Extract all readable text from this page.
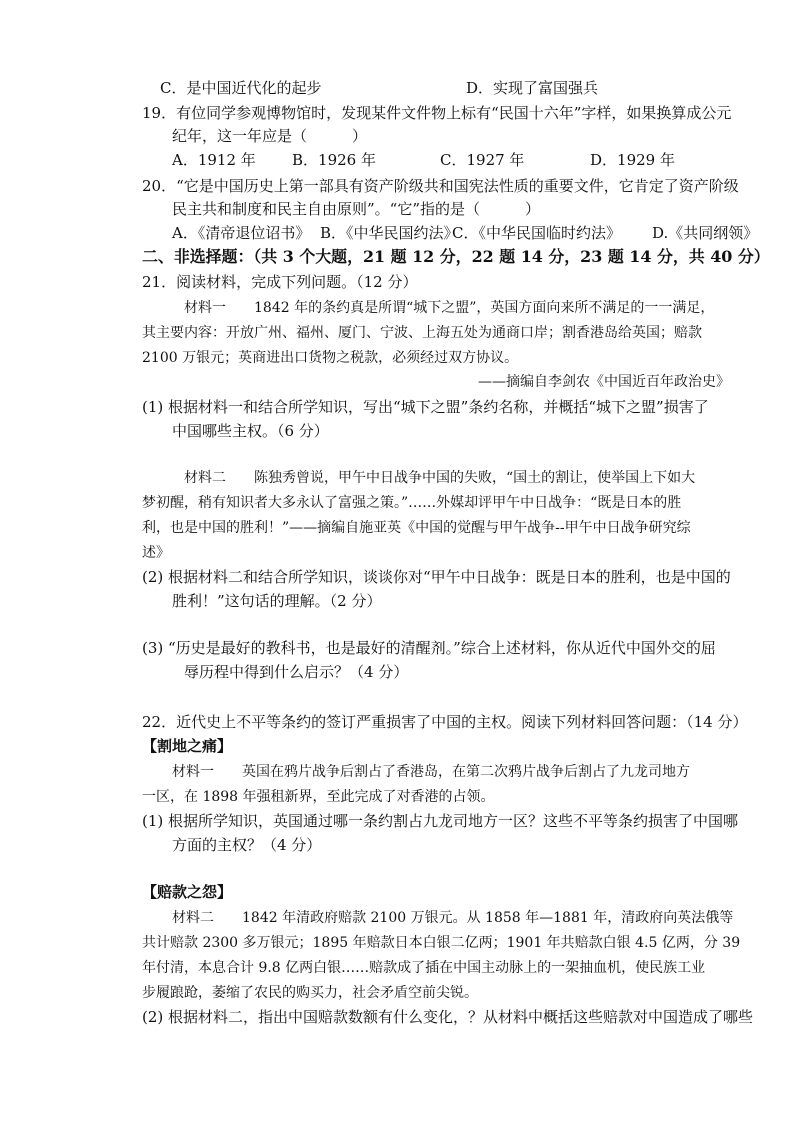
C．是中国近代化的起步	D．实现了富国强兵
19．有位同学参观博物馆时，发现某件文件物上标有“民国十六年”字样，如果换算成公元
纪年，这一年应是（　　　）
A．1912 年 B．1926 年	C．1927 年	D．1929 年
20．“它是中国历史上第一部具有资产阶级共和国宪法性质的重要文件，它肯定了资产阶级
民主共和制度和民主自由原则”。“它”指的是（　　　）
A．《清帝退位诏书》 B．《中华民国约法》
C．《中华民国临时约法》 D.《共同纲领》
二、非选择题：（共 3 个大题，21 题 12 分，22 题 14 分，23 题 14 分，共 40 分）
21．阅读材料，完成下列问题。（12 分）
材料一　　1842 年的条约真是所谓“城下之盟”，英国方面向来所不满足的一一满足，
其主要内容：开放广州、福州、厦门、宁波、上海五处为通商口岸；割香港岛给英国；赔款
2100 万银元；英商进出口货物之税款，必须经过双方协议。
——摘编自李剑农《中国近百年政治史》
(1) 根据材料一和结合所学知识，写出“城下之盟”条约名称，并概括“城下之盟”损害了
中国哪些主权。（6 分）
材料二　　陈独秀曾说，甲午中日战争中国的失败，“国土的割让，使举国上下如大
梦初醒，稍有知识者大多永认了富强之策。”……外媒却评甲午中日战争：“既是日本的胜
利，也是中国的胜利！”——摘编自施亚英《中国的觉醒与甲午战争--甲午中日战争研究综
述》
(2) 根据材料二和结合所学知识，谈谈你对“甲午中日战争：既是日本的胜利，也是中国的
胜利！”这句话的理解。（2 分）
(3) “历史是最好的教科书，也是最好的清醒剂。”综合上述材料，你从近代中国外交的屈
辱历程中得到什么启示？（4 分）
22．近代史上不平等条约的签订严重损害了中国的主权。阅读下列材料回答问题：（14 分）
【割地之痛】
材料一　　英国在鸦片战争后割占了香港岛，在第二次鸦片战争后割占了九龙司地方
一区，在 1898 年强租新界，至此完成了对香港的占领。
(1) 根据所学知识，英国通过哪一条约割占九龙司地方一区？这些不平等条约损害了中国哪
方面的主权？（4 分）
【赔款之怨】
材料二　　1842 年清政府赔款 2100 万银元。从 1858 年—1881 年，清政府向英法俄等
共计赔款 2300 多万银元；1895 年赔款日本白银二亿两；1901 年共赔款白银 4.5 亿两，分 39
年付清，本息合计 9.8 亿两白银……赔款成了插在中国主动脉上的一架抽血机，使民族工业
步履踉跄，萎缩了农民的购买力，社会矛盾空前尖锐。
(2) 根据材料二，指出中国赔款数额有什么变化，？从材料中概括这些赔款对中国造成了哪些
